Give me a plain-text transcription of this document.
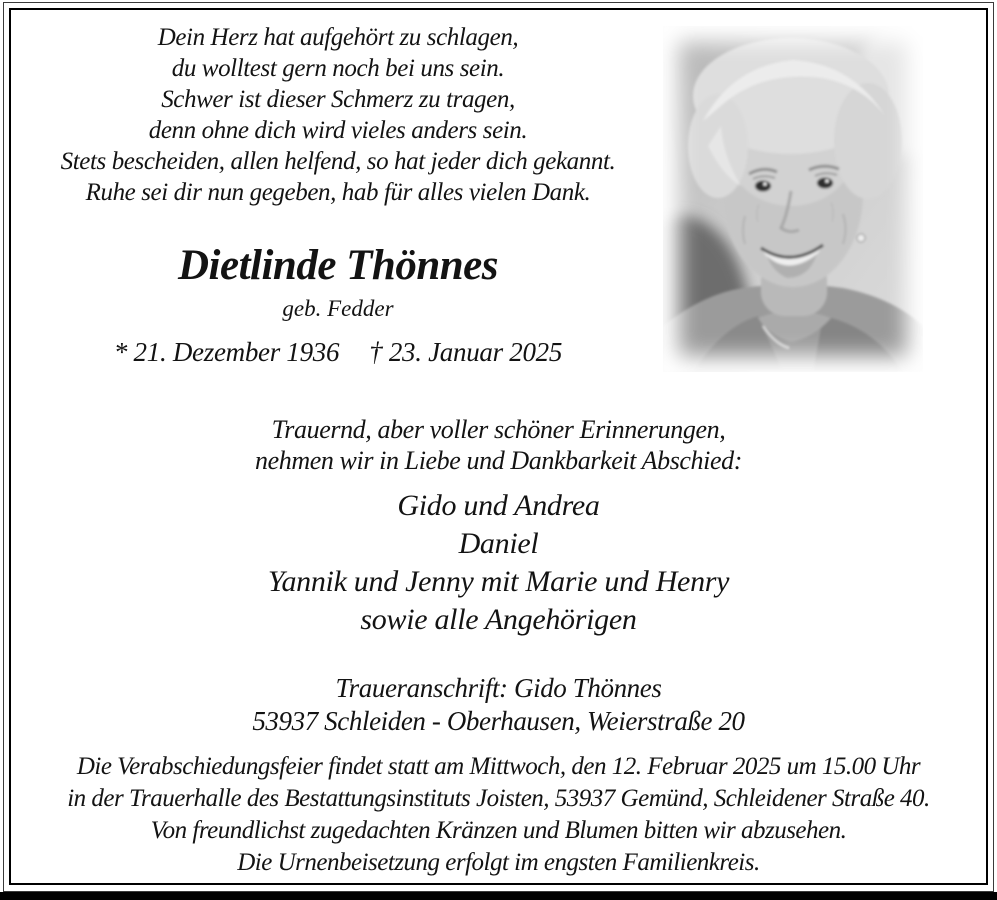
Dein Herz hat aufgehört zu schlagen,
du wolltest gern noch bei uns sein.
Schwer ist dieser Schmerz zu tragen,
denn ohne dich wird vieles anders sein.
Stets bescheiden, allen helfend, so hat jeder dich gekannt.
Ruhe sei dir nun gegeben, hab für alles vielen Dank.
Dietlinde Thönnes
geb. Fedder
* 21. Dezember 1936 † 23. Januar 2025
Trauernd, aber voller schöner Erinnerungen,
nehmen wir in Liebe und Dankbarkeit Abschied:
Gido und Andrea
Daniel
Yannik und Jenny mit Marie und Henry
sowie alle Angehörigen
Traueranschrift: Gido Thönnes
53937 Schleiden - Oberhausen, Weierstraße 20
Die Verabschiedungsfeier findet statt am Mittwoch, den 12. Februar 2025 um 15.00 Uhr
in der Trauerhalle des Bestattungsinstituts Joisten, 53937 Gemünd, Schleidener Straße 40.
Von freundlichst zugedachten Kränzen und Blumen bitten wir abzusehen.
Die Urnenbeisetzung erfolgt im engsten Familienkreis.
